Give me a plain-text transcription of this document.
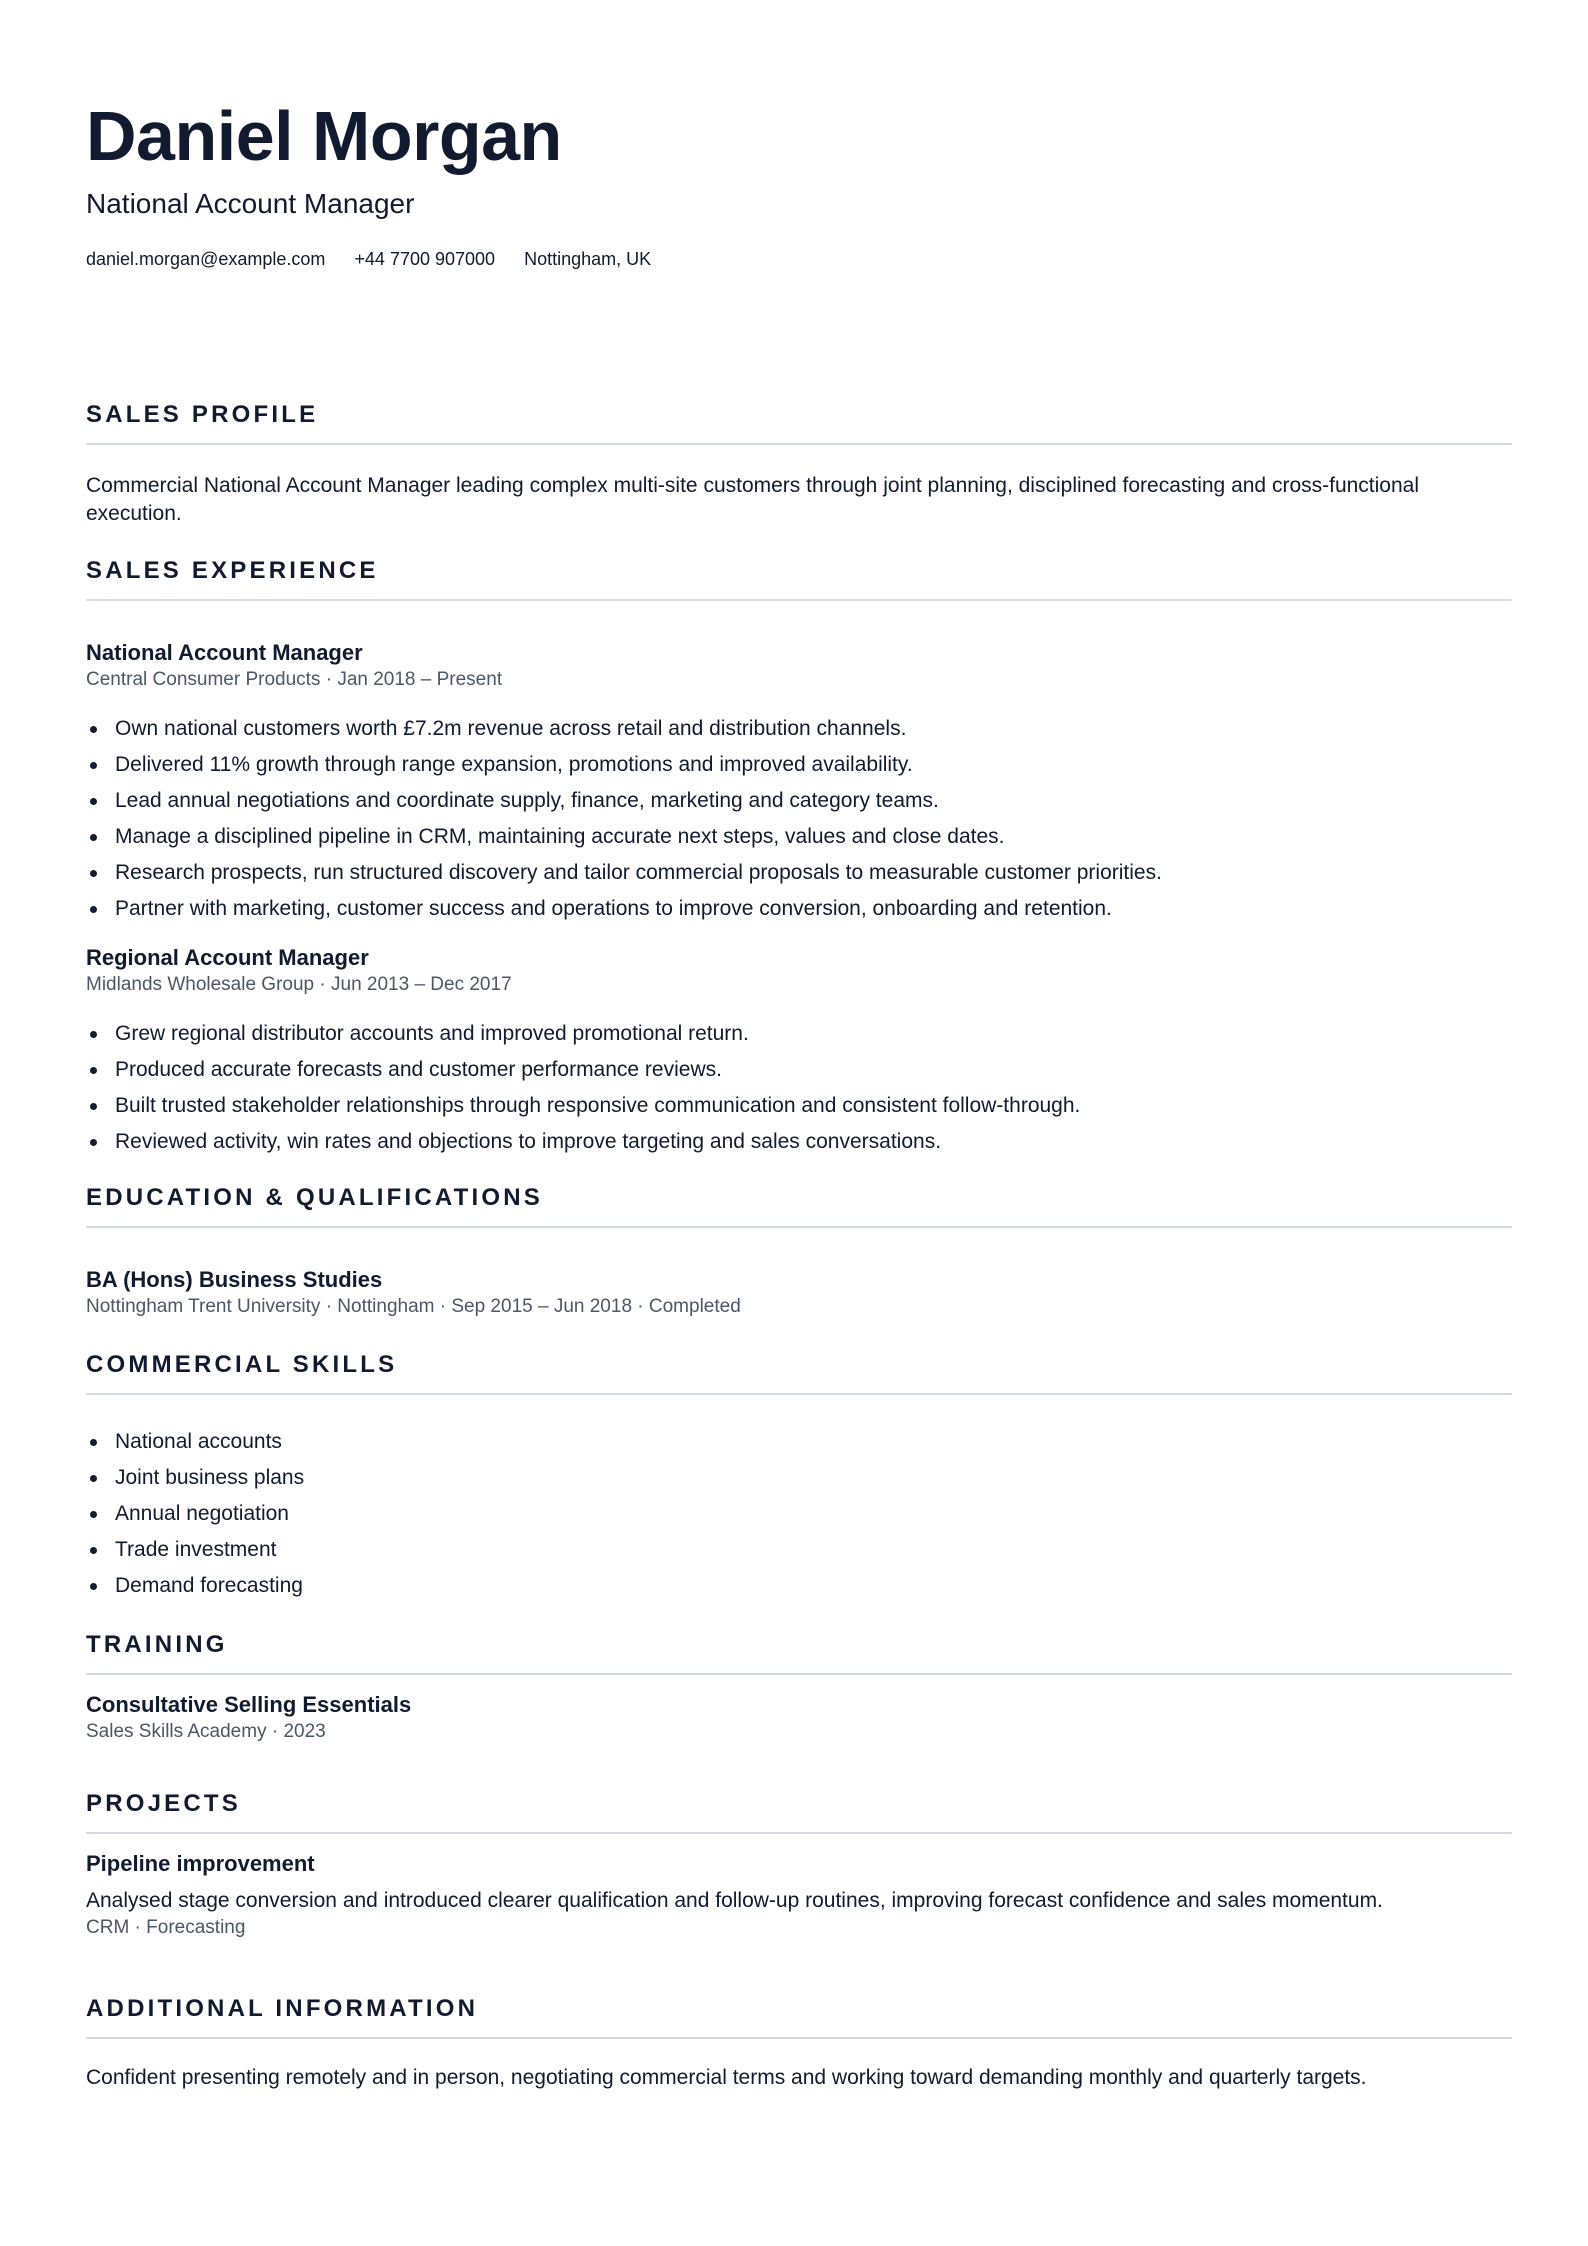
Daniel Morgan
National Account Manager
daniel.morgan@example.com +44 7700 907000 Nottingham, UK
SALES PROFILE
Commercial National Account Manager leading complex multi-site customers through joint planning, disciplined forecasting and cross-functional execution.
SALES EXPERIENCE
National Account Manager
Central Consumer Products · Jan 2018 – Present
Own national customers worth £7.2m revenue across retail and distribution channels.
Delivered 11% growth through range expansion, promotions and improved availability.
Lead annual negotiations and coordinate supply, finance, marketing and category teams.
Manage a disciplined pipeline in CRM, maintaining accurate next steps, values and close dates.
Research prospects, run structured discovery and tailor commercial proposals to measurable customer priorities.
Partner with marketing, customer success and operations to improve conversion, onboarding and retention.
Regional Account Manager
Midlands Wholesale Group · Jun 2013 – Dec 2017
Grew regional distributor accounts and improved promotional return.
Produced accurate forecasts and customer performance reviews.
Built trusted stakeholder relationships through responsive communication and consistent follow-through.
Reviewed activity, win rates and objections to improve targeting and sales conversations.
EDUCATION & QUALIFICATIONS
BA (Hons) Business Studies
Nottingham Trent University · Nottingham · Sep 2015 – Jun 2018 · Completed
COMMERCIAL SKILLS
National accounts
Joint business plans
Annual negotiation
Trade investment
Demand forecasting
TRAINING
Consultative Selling Essentials
Sales Skills Academy · 2023
PROJECTS
Pipeline improvement
Analysed stage conversion and introduced clearer qualification and follow-up routines, improving forecast confidence and sales momentum.
CRM · Forecasting
ADDITIONAL INFORMATION
Confident presenting remotely and in person, negotiating commercial terms and working toward demanding monthly and quarterly targets.
